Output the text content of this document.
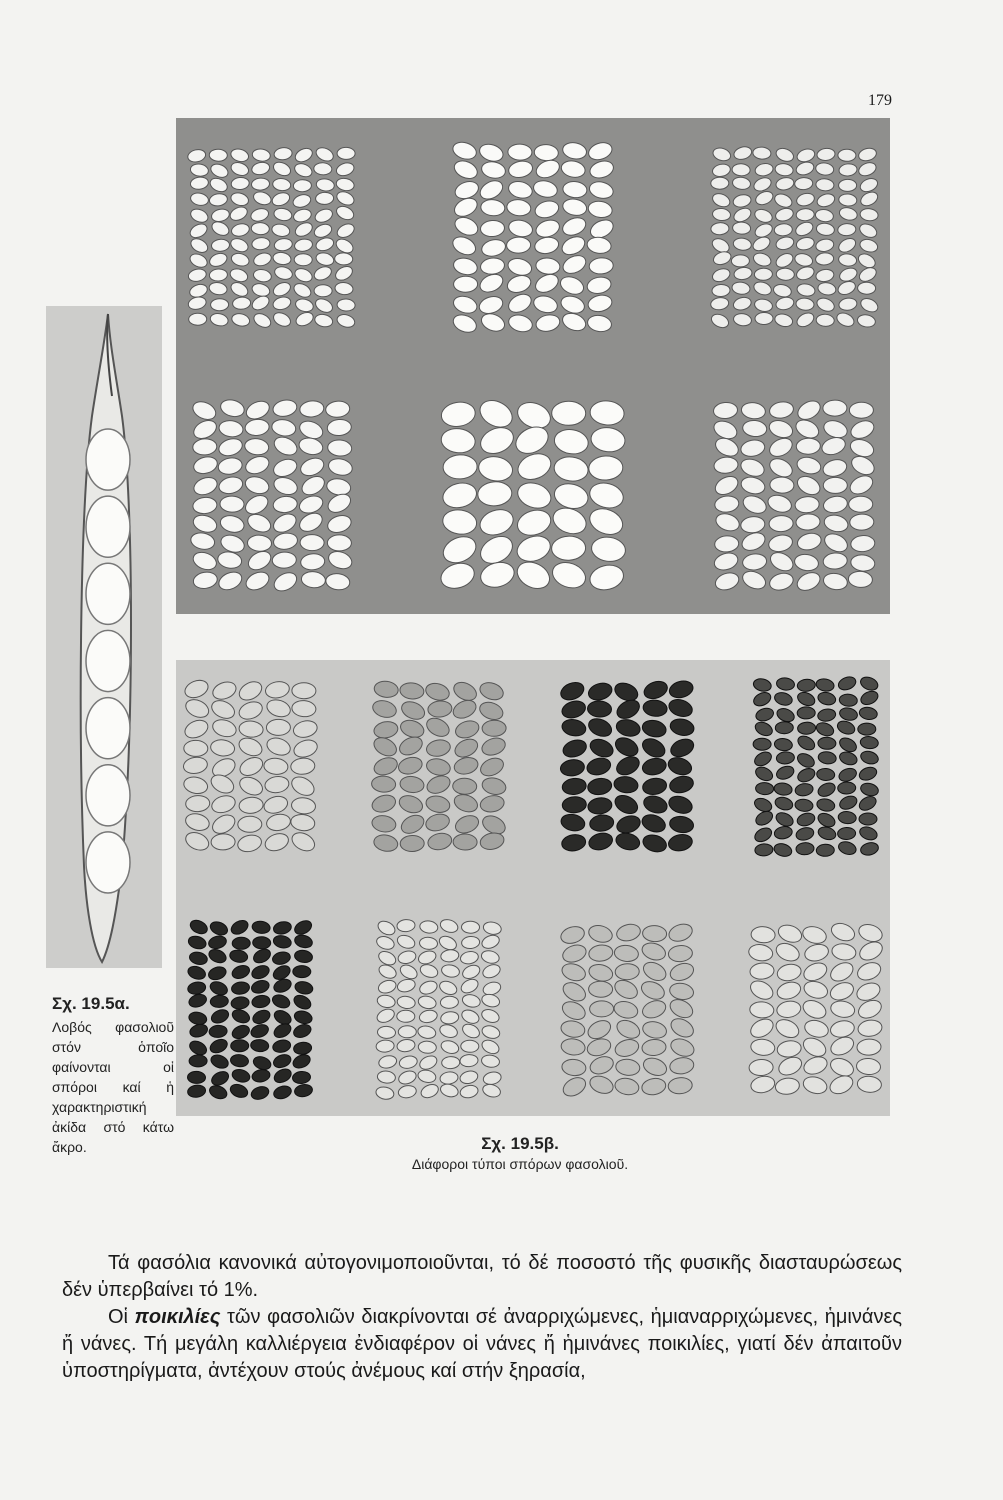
179
Σχ. 19.5α.
Λοβός φασολιοῦ στόν ὁποῖο φαίνονται οἱ σπόροι καί ἡ χαρακτηριστική ἀκίδα στό κάτω ἄκρο.	Σχ. 19.5β.
Διάφοροι τύποι σπόρων φασολιοῦ.

Τά φασόλια κανονικά αὐτογονιμοποιοῦνται, τό δέ ποσοστό τῆς φυσικῆς διασταυρώσεως δέν ὑπερβαίνει τό 1%.

Οἱ ποικιλίες τῶν φασολιῶν διακρίνονται σέ ἀναρριχώμενες, ἡμιαναρριχώμενες, ἡμινάνες ἤ νάνες. Τή μεγάλη καλλιέργεια ἐνδιαφέρον οἱ νάνες ἤ ἡμινάνες ποικιλίες, γιατί δέν ἀπαιτοῦν ὑποστηρίγματα, ἀντέχουν στούς ἀνέμους καί στήν ξηρασία,
